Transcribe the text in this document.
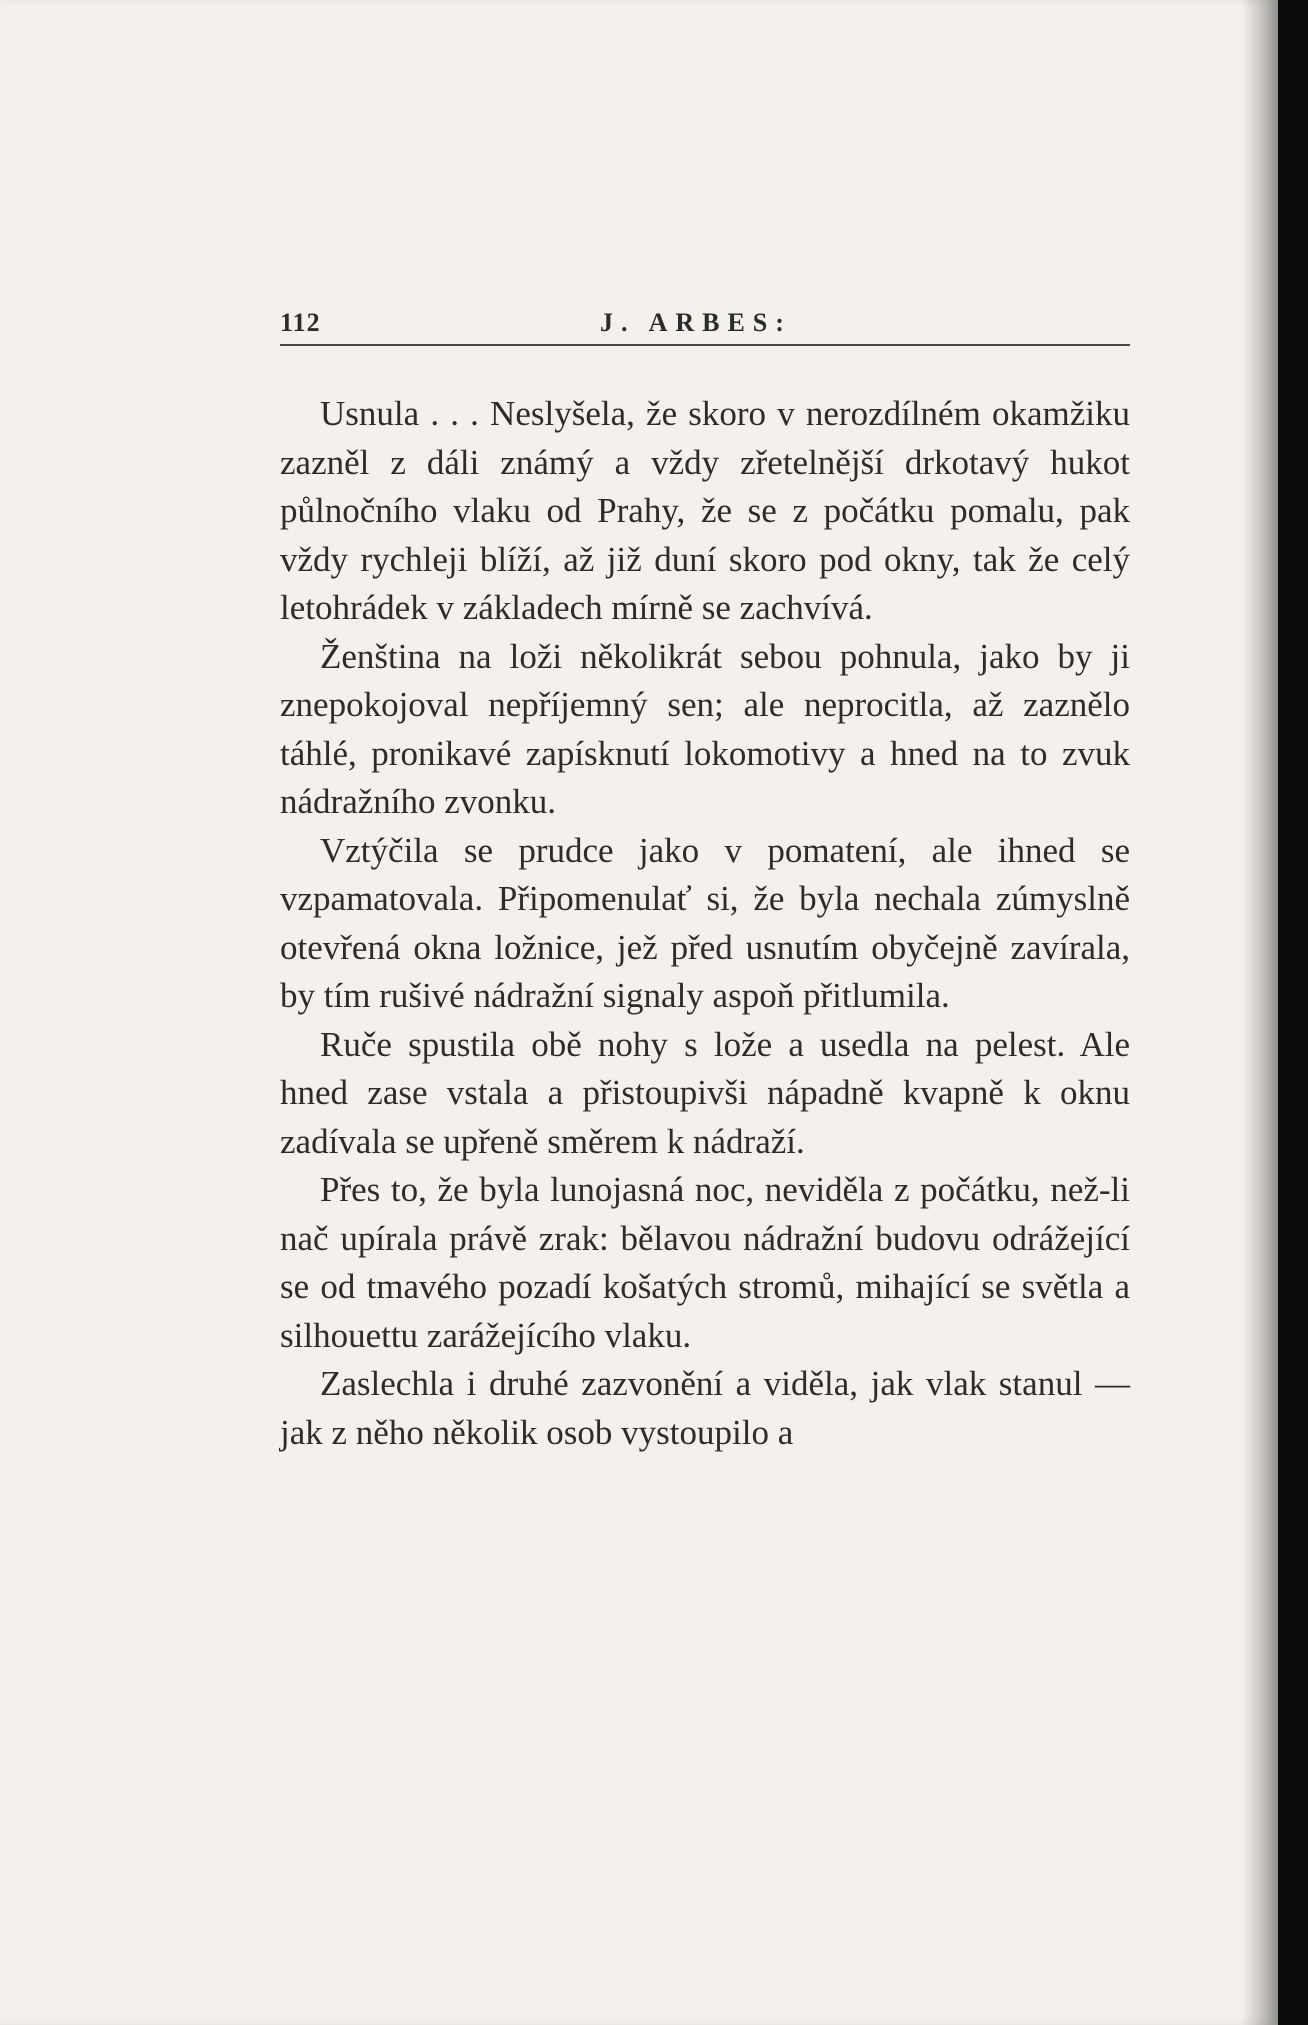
112	J. ARBES:

Usnula . . . Neslyšela, že skoro v nerozdílném okamžiku zazněl z dáli známý a vždy zřetelnější drkotavý hukot půlnočního vlaku od Prahy, že se z počátku pomalu, pak vždy rychleji blíží, až již duní skoro pod okny, tak že celý letohrádek v základech mírně se zachvívá.

Ženština na loži několikrát sebou pohnula, jako by ji znepokojoval nepříjemný sen; ale neprocitla, až zaznělo táhlé, pronikavé zapísknutí lokomotivy a hned na to zvuk nádražního zvonku.

Vztýčila se prudce jako v pomatení, ale ihned se vzpamatovala. Připomenulať si, že byla nechala zúmyslně otevřená okna ložnice, jež před usnutím obyčejně zavírala, by tím rušivé nádražní signaly aspoň přitlumila.

Ruče spustila obě nohy s lože a usedla na pelest. Ale hned zase vstala a přistoupivši nápadně kvapně k oknu zadívala se upřeně směrem k nádraží.

Přes to, že byla lunojasná noc, neviděla z počátku, než-li nač upírala právě zrak: bělavou nádražní budovu odrážející se od tmavého pozadí košatých stromů, mihající se světla a silhouettu zarážejícího vlaku.

Zaslechla i druhé zazvonění a viděla, jak vlak stanul — jak z něho několik osob vystoupilo a
